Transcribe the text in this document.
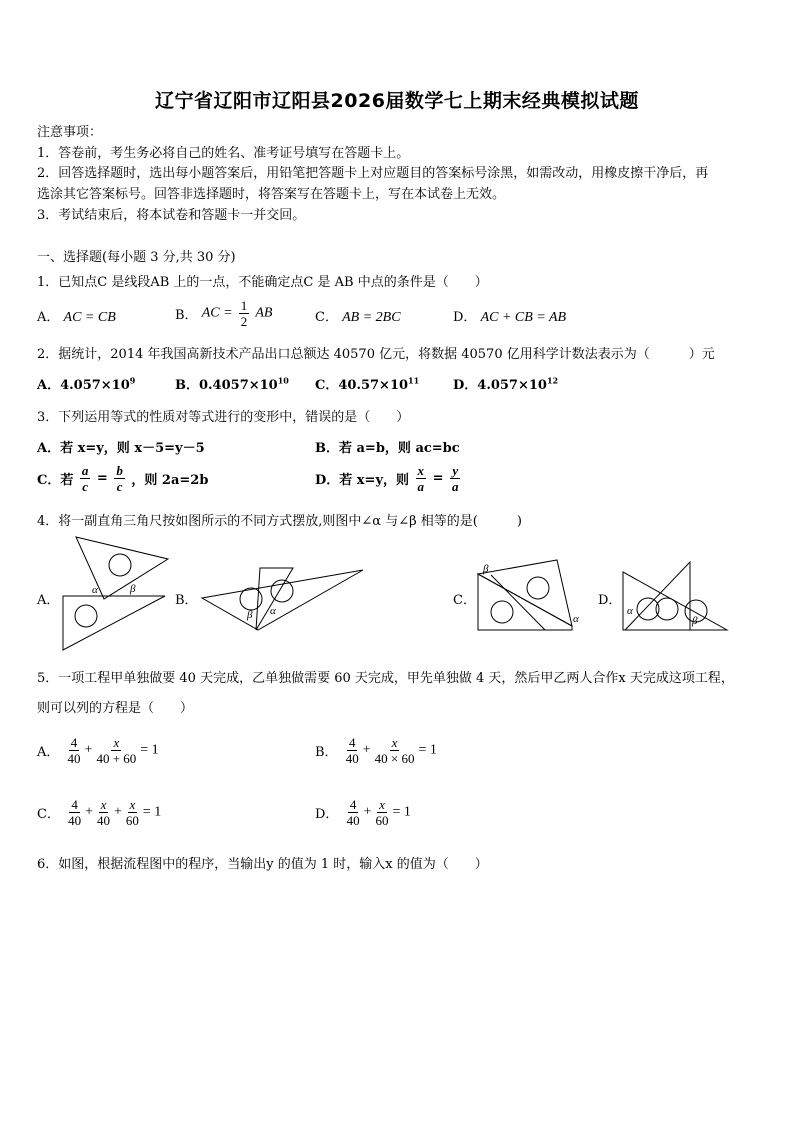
辽宁省辽阳市辽阳县2026届数学七上期末经典模拟试题
注意事项：
1．答卷前，考生务必将自己的姓名、准考证号填写在答题卡上。
2．回答选择题时，选出每小题答案后，用铅笔把答题卡上对应题目的答案标号涂黑，如需改动，用橡皮擦干净后，再
选涂其它答案标号。回答非选择题时，将答案写在答题卡上，写在本试卷上无效。
3．考试结束后，将本试卷和答题卡一并交回。
一、选择题(每小题 3 分,共 30 分)
1．已知点C 是线段AB 上的一点，不能确定点C 是 AB 中点的条件是（　　）
A． AC = CB	B． AC = $\frac{1}{2}$ AB	C． AB = 2BC	D． AC + CB = AB
2．据统计，2014 年我国高新技术产品出口总额达 40570 亿元，将数据 40570 亿用科学计数法表示为（　　　）元
A．$4.057\times 10^9$	B．$0.4057\times 10^{10}$ C．$40.57\times 10^{11}$	D．$4.057\times 10^{12}$
3．下列运用等式的性质对等式进行的变形中，错误的是（　　）
A．若 x=y，则 x－5=y－5	B．若 a=b，则 ac=bc
C．若 $\frac{a}{c} = \frac{b}{c}$ ，则 2a=2b	D．若 x=y，则 $\frac{x}{a} = \frac{y}{a}$
4．将一副直角三角尺按如图所示的不同方式摆放,则图中∠α 与∠β 相等的是(　　　)
A．
α	β
B．
β α
C．
β
α
D．
α
β
5．一项工程甲单独做要 40 天完成，乙单独做需要 60 天完成，甲先单独做 4 天，然后甲乙两人合作x 天完成这项工程，
则可以列的方程是（　　）
A． $\frac{4}{40} + \frac{x}{40 + 60} = 1$	B． $\frac{4}{40} + \frac{x}{40 \times 60} = 1$
C． $\frac{4}{40} + \frac{x}{40} + \frac{x}{60} = 1$	D． $\frac{4}{40} + \frac{x}{60} = 1$
6．如图，根据流程图中的程序，当输出y 的值为 1 时，输入x 的值为（　　）
